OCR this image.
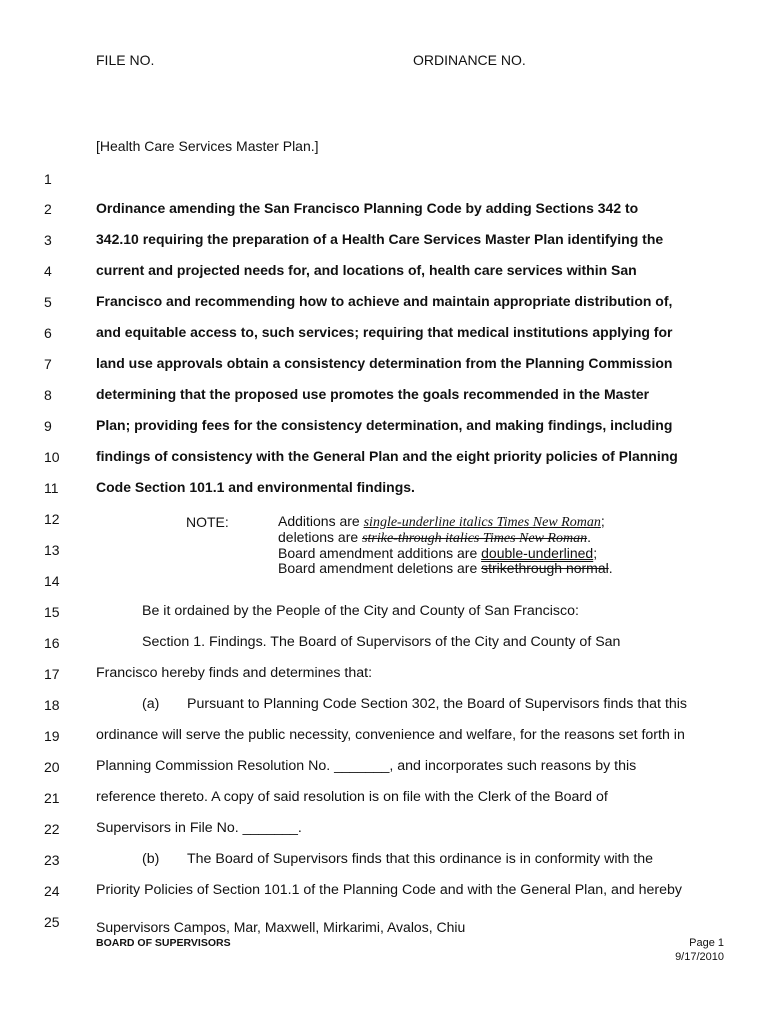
FILE NO.	ORDINANCE NO.
[Health Care Services Master Plan.]
1
2
3
4
5
6
7
8
9
10
11
12
13
14
15
16
17
18
19
20
21
22
23
24
25
Ordinance amending the San Francisco Planning Code by adding Sections 342 to
342.10 requiring the preparation of a Health Care Services Master Plan identifying the
current and projected needs for, and locations of, health care services within San
Francisco and recommending how to achieve and maintain appropriate distribution of,
and equitable access to, such services; requiring that medical institutions applying for
land use approvals obtain a consistency determination from the Planning Commission
determining that the proposed use promotes the goals recommended in the Master
Plan; providing fees for the consistency determination, and making findings, including
findings of consistency with the General Plan and the eight priority policies of Planning
Code Section 101.1 and environmental findings.
NOTE:	Additions are single-underline italics Times New Roman;
deletions are strike-through italics Times New Roman.
Board amendment additions are double-underlined;
Board amendment deletions are strikethrough normal.
Be it ordained by the People of the City and County of San Francisco:
Section 1. Findings. The Board of Supervisors of the City and County of San
Francisco hereby finds and determines that:
(a) Pursuant to Planning Code Section 302, the Board of Supervisors finds that this
ordinance will serve the public necessity, convenience and welfare, for the reasons set forth in
Planning Commission Resolution No. _______, and incorporates such reasons by this
reference thereto. A copy of said resolution is on file with the Clerk of the Board of
Supervisors in File No. _______.
(b) The Board of Supervisors finds that this ordinance is in conformity with the
Priority Policies of Section 101.1 of the Planning Code and with the General Plan, and hereby
Supervisors Campos, Mar, Maxwell, Mirkarimi, Avalos, Chiu
BOARD OF SUPERVISORS	Page 1
9/17/2010
